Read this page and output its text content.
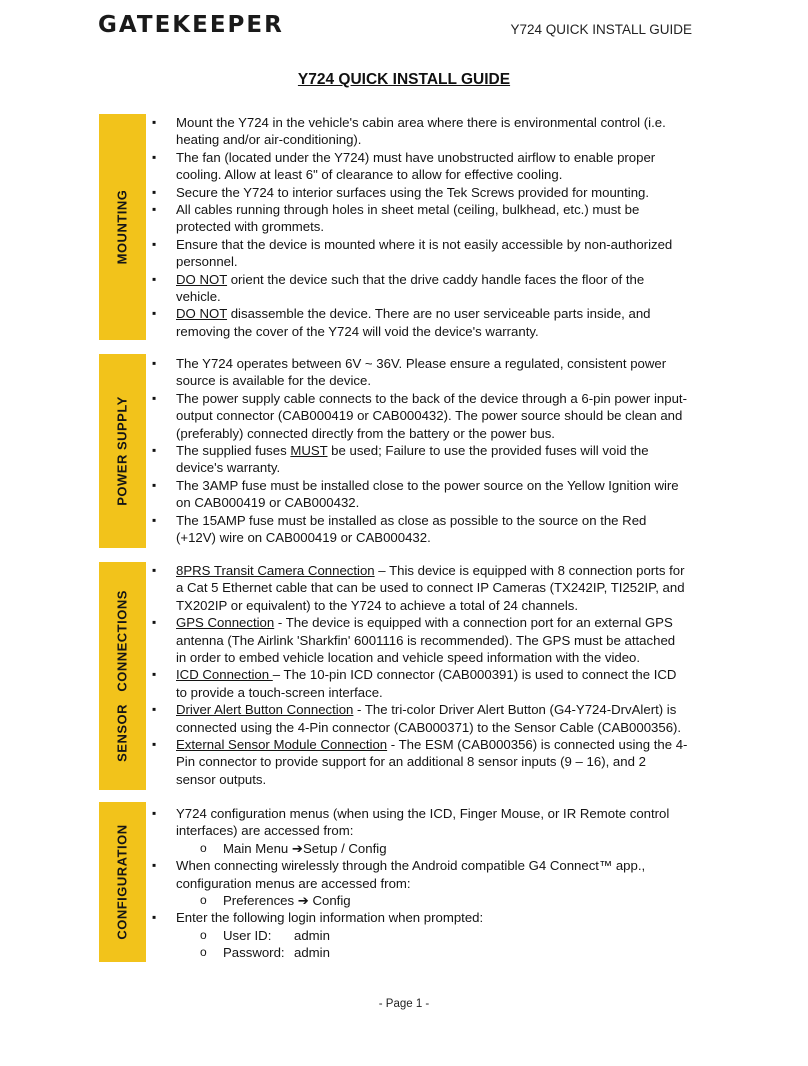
GATEKEEPER	Y724 QUICK INSTALL GUIDE
Y724 QUICK INSTALL GUIDE
MOUNTING
▪ Mount the Y724 in the vehicle's cabin area where there is environmental control (i.e. heating and/or air-conditioning).
▪ The fan (located under the Y724) must have unobstructed airflow to enable proper cooling. Allow at least 6" of clearance to allow for effective cooling.
▪ Secure the Y724 to interior surfaces using the Tek Screws provided for mounting.
▪ All cables running through holes in sheet metal (ceiling, bulkhead, etc.) must be protected with grommets.
▪ Ensure that the device is mounted where it is not easily accessible by non-authorized personnel.
▪ DO NOT orient the device such that the drive caddy handle faces the floor of the vehicle.
▪ DO NOT disassemble the device. There are no user serviceable parts inside, and removing the cover of the Y724 will void the device's warranty.
POWER SUPPLY
▪ The Y724 operates between 6V ~ 36V. Please ensure a regulated, consistent power source is available for the device.
▪ The power supply cable connects to the back of the device through a 6-pin power input-output connector (CAB000419 or CAB000432). The power source should be clean and (preferably) connected directly from the battery or the power bus.
▪ The supplied fuses MUST be used; Failure to use the provided fuses will void the device's warranty.
▪ The 3AMP fuse must be installed close to the power source on the Yellow Ignition wire on CAB000419 or CAB000432.
▪ The 15AMP fuse must be installed as close as possible to the source on the Red (+12V) wire on CAB000419 or CAB000432.
SENSOR   CONNECTIONS
▪ 8PRS Transit Camera Connection – This device is equipped with 8 connection ports for a Cat 5 Ethernet cable that can be used to connect IP Cameras (TX242IP, TI252IP, and TX202IP or equivalent) to the Y724 to achieve a total of 24 channels.
▪ GPS Connection - The device is equipped with a connection port for an external GPS antenna (The Airlink 'Sharkfin' 6001116 is recommended). The GPS must be attached in order to embed vehicle location and vehicle speed information with the video.
▪ ICD Connection – The 10-pin ICD connector (CAB000391) is used to connect the ICD to provide a touch-screen interface.
▪ Driver Alert Button Connection - The tri-color Driver Alert Button (G4-Y724-DrvAlert) is connected using the 4-Pin connector (CAB000371) to the Sensor Cable (CAB000356).
▪ External Sensor Module Connection - The ESM (CAB000356) is connected using the 4-Pin connector to provide support for an additional 8 sensor inputs (9 – 16), and 2 sensor outputs.
CONFIGURATION
▪ Y724 configuration menus (when using the ICD, Finger Mouse, or IR Remote control interfaces) are accessed from:
o Main Menu ➔Setup / Config
▪ When connecting wirelessly through the Android compatible G4 Connect™ app., configuration menus are accessed from:
o Preferences ➔ Config
▪ Enter the following login information when prompted:
o User ID: admin
o Password: admin
- Page 1 -
